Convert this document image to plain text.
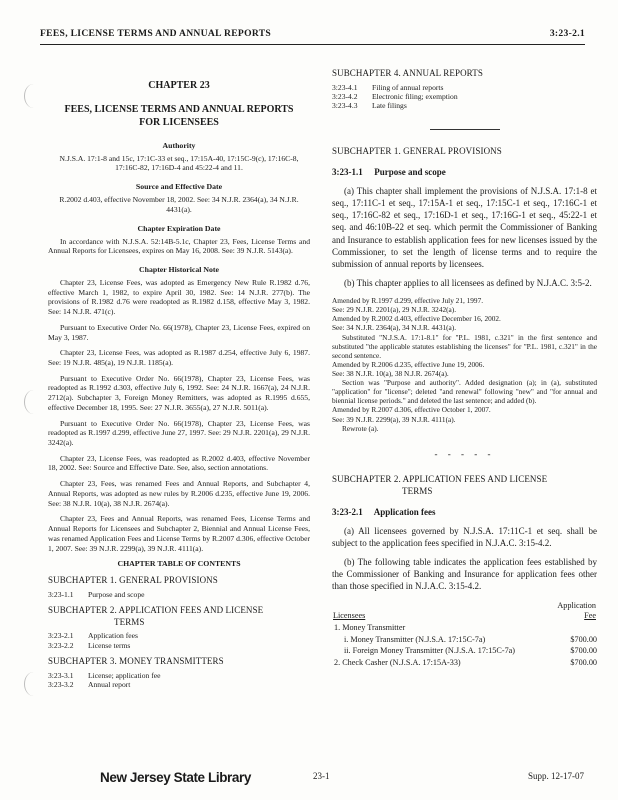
FEES, LICENSE TERMS AND ANNUAL REPORTS	3:23-2.1
CHAPTER 23
FEES, LICENSE TERMS AND ANNUAL REPORTS
FOR LICENSEES
Authority

N.J.S.A. 17:1-8 and 15c, 17:1C-33 et seq., 17:15A-40, 17:15C-9(c), 17:16C-8, 17:16C-82, 17:16D-4 and 45:22-4 and 11.

Source and Effective Date

R.2002 d.403, effective November 18, 2002. See: 34 N.J.R. 2364(a), 34 N.J.R. 4431(a).

Chapter Expiration Date

In accordance with N.J.S.A. 52:14B-5.1c, Chapter 23, Fees, License Terms and Annual Reports for Licensees, expires on May 16, 2008. See: 39 N.J.R. 5143(a).

Chapter Historical Note

Chapter 23, License Fees, was adopted as Emergency New Rule R.1982 d.76, effective March 1, 1982, to expire April 30, 1982. See: 14 N.J.R. 277(b). The provisions of R.1982 d.76 were readopted as R.1982 d.158, effective May 3, 1982. See: 14 N.J.R. 471(c).

Pursuant to Executive Order No. 66(1978), Chapter 23, License Fees, expired on May 3, 1987.

Chapter 23, License Fees, was adopted as R.1987 d.254, effective July 6, 1987. See: 19 N.J.R. 485(a), 19 N.J.R. 1185(a).

Pursuant to Executive Order No. 66(1978), Chapter 23, License Fees, was readopted as R.1992 d.303, effective July 6, 1992. See: 24 N.J.R. 1667(a), 24 N.J.R. 2712(a). Subchapter 3, Foreign Money Remitters, was adopted as R.1995 d.655, effective December 18, 1995. See: 27 N.J.R. 3655(a), 27 N.J.R. 5011(a).

Pursuant to Executive Order No. 66(1978), Chapter 23, License Fees, was readopted as R.1997 d.299, effective June 27, 1997. See: 29 N.J.R. 2201(a), 29 N.J.R. 3242(a).

Chapter 23, License Fees, was readopted as R.2002 d.403, effective November 18, 2002. See: Source and Effective Date. See, also, section annotations.

Chapter 23, Fees, was renamed Fees and Annual Reports, and Subchapter 4, Annual Reports, was adopted as new rules by R.2006 d.235, effective June 19, 2006. See: 38 N.J.R. 10(a), 38 N.J.R. 2674(a).

Chapter 23, Fees and Annual Reports, was renamed Fees, License Terms and Annual Reports for Licensees and Subchapter 2, Biennial and Annual License Fees, was renamed Application Fees and License Terms by R.2007 d.306, effective October 1, 2007. See: 39 N.J.R. 2299(a), 39 N.J.R. 4111(a).

CHAPTER TABLE OF CONTENTS
SUBCHAPTER 1. GENERAL PROVISIONS
3:23-1.1	Purpose and scope
SUBCHAPTER 2. APPLICATION FEES AND LICENSE
TERMS
3:23-2.1	Application fees
3:23-2.2	License terms
SUBCHAPTER 3. MONEY TRANSMITTERS
3:23-3.1	License; application fee
3:23-3.2	Annual report
SUBCHAPTER 4. ANNUAL REPORTS
3:23-4.1	Filing of annual reports
3:23-4.2	Electronic filing; exemption
3:23-4.3	Late filings
SUBCHAPTER 1. GENERAL PROVISIONS
3:23-1.1 Purpose and scope

(a) This chapter shall implement the provisions of N.J.S.A. 17:1-8 et seq., 17:11C-1 et seq., 17:15A-1 et seq., 17:15C-1 et seq., 17:16C-1 et seq., 17:16C-82 et seq., 17:16D-1 et seq., 17:16G-1 et seq., 45:22-1 et seq. and 46:10B-22 et seq. which permit the Commissioner of Banking and Insurance to establish application fees for new licenses issued by the Commissioner, to set the length of license terms and to require the submission of annual reports by licensees.

(b) This chapter applies to all licensees as defined by N.J.A.C. 3:5-2.

Amended by R.1997 d.299, effective July 21, 1997.

See: 29 N.J.R. 2201(a), 29 N.J.R. 3242(a).

Amended by R.2002 d.403, effective December 16, 2002.

See: 34 N.J.R. 2364(a), 34 N.J.R. 4431(a).

Substituted "N.J.S.A. 17:1-8.1" for "P.L. 1981, c.321" in the first sentence and substituted "the applicable statutes establishing the licenses" for "P.L. 1981, c.321" in the second sentence.

Amended by R.2006 d.235, effective June 19, 2006.

See: 38 N.J.R. 10(a), 38 N.J.R. 2674(a).

Section was "Purpose and authority". Added designation (a); in (a), substituted "application" for "license"; deleted "and renewal" following "new" and "for annual and biennial license periods." and deleted the last sentence; and added (b).

Amended by R.2007 d.306, effective October 1, 2007.

See: 39 N.J.R. 2299(a), 39 N.J.R. 4111(a).

Rewrote (a).

- - - - -
SUBCHAPTER 2. APPLICATION FEES AND LICENSE
TERMS
3:23-2.1 Application fees

(a) All licensees governed by N.J.S.A. 17:11C-1 et seq. shall be subject to the application fees specified in N.J.A.C. 3:15-4.2.

(b) The following table indicates the application fees established by the Commissioner of Banking and Insurance for application fees other than those specified in N.J.A.C. 3:15-4.2.

Licensees	Application
Fee

1. Money Transmitter	
i. Money Transmitter (N.J.S.A. 17:15C-7a)	$700.00
ii. Foreign Money Transmitter (N.J.S.A. 17:15C-7a)	$700.00
2. Check Casher (N.J.S.A. 17:15A-33)	$700.00
New Jersey State Library	23-1	Supp. 12-17-07
